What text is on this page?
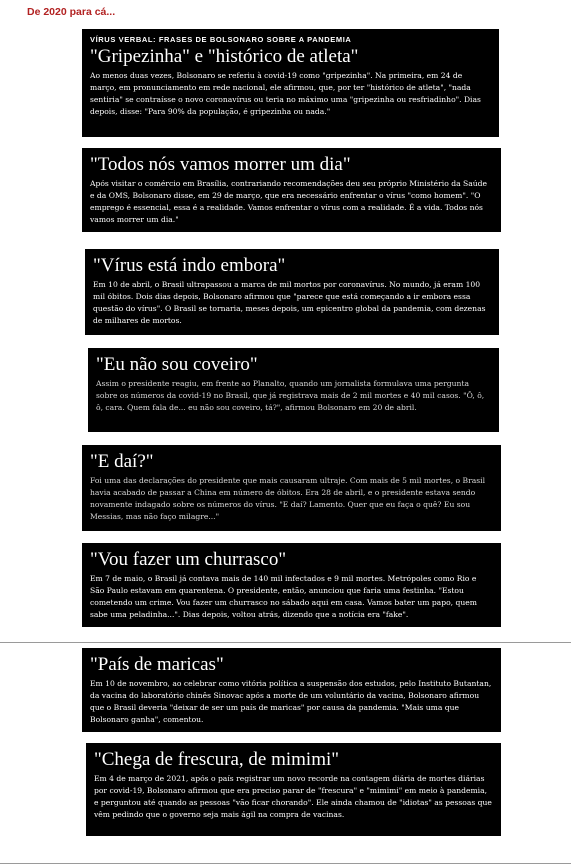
De 2020 para cá...
VÍRUS VERBAL: FRASES DE BOLSONARO SOBRE A PANDEMIA
"Gripezinha" e "histórico de atleta"

Ao menos duas vezes, Bolsonaro se referiu à covid-19 como "gripezinha". Na primeira, em 24 de março, em pronunciamento em rede nacional, ele afirmou, que, por ter "histórico de atleta", "nada sentiria" se contraísse o novo coronavírus ou teria no máximo uma "gripezinha ou resfriadinho". Dias depois, disse: "Para 90% da população, é gripezinha ou nada."

"Todos nós vamos morrer um dia"

Após visitar o comércio em Brasília, contrariando recomendações deu seu próprio Ministério da Saúde e da OMS, Bolsonaro disse, em 29 de março, que era necessário enfrentar o vírus "como homem". "O emprego é essencial, essa é a realidade. Vamos enfrentar o vírus com a realidade. É a vida. Todos nós vamos morrer um dia."

"Vírus está indo embora"

Em 10 de abril, o Brasil ultrapassou a marca de mil mortos por coronavírus. No mundo, já eram 100 mil óbitos. Dois dias depois, Bolsonaro afirmou que "parece que está começando a ir embora essa questão do vírus". O Brasil se tornaria, meses depois, um epicentro global da pandemia, com dezenas de milhares de mortos.

"Eu não sou coveiro"

Assim o presidente reagiu, em frente ao Planalto, quando um jornalista formulava uma pergunta sobre os números da covid-19 no Brasil, que já registrava mais de 2 mil mortes e 40 mil casos. "Ô, ô, ô, cara. Quem fala de... eu não sou coveiro, tá?", afirmou Bolsonaro em 20 de abril.

"E daí?"

Foi uma das declarações do presidente que mais causaram ultraje. Com mais de 5 mil mortes, o Brasil havia acabado de passar a China em número de óbitos. Era 28 de abril, e o presidente estava sendo novamente indagado sobre os números do vírus. "E daí? Lamento. Quer que eu faça o quê? Eu sou Messias, mas não faço milagre..."

"Vou fazer um churrasco"

Em 7 de maio, o Brasil já contava mais de 140 mil infectados e 9 mil mortes. Metrópoles como Rio e São Paulo estavam em quarentena. O presidente, então, anunciou que faria uma festinha. "Estou cometendo um crime. Vou fazer um churrasco no sábado aqui em casa. Vamos bater um papo, quem sabe uma peladinha...". Dias depois, voltou atrás, dizendo que a notícia era "fake".

"País de maricas"

Em 10 de novembro, ao celebrar como vitória política a suspensão dos estudos, pelo Instituto Butantan, da vacina do laboratório chinês Sinovac após a morte de um voluntário da vacina, Bolsonaro afirmou que o Brasil deveria "deixar de ser um país de maricas" por causa da pandemia. "Mais uma que Bolsonaro ganha", comentou.

"Chega de frescura, de mimimi"

Em 4 de março de 2021, após o país registrar um novo recorde na contagem diária de mortes diárias por covid-19, Bolsonaro afirmou que era preciso parar de "frescura" e "mimimi" em meio à pandemia, e perguntou até quando as pessoas "vão ficar chorando". Ele ainda chamou de "idiotas" as pessoas que vêm pedindo que o governo seja mais ágil na compra de vacinas.
